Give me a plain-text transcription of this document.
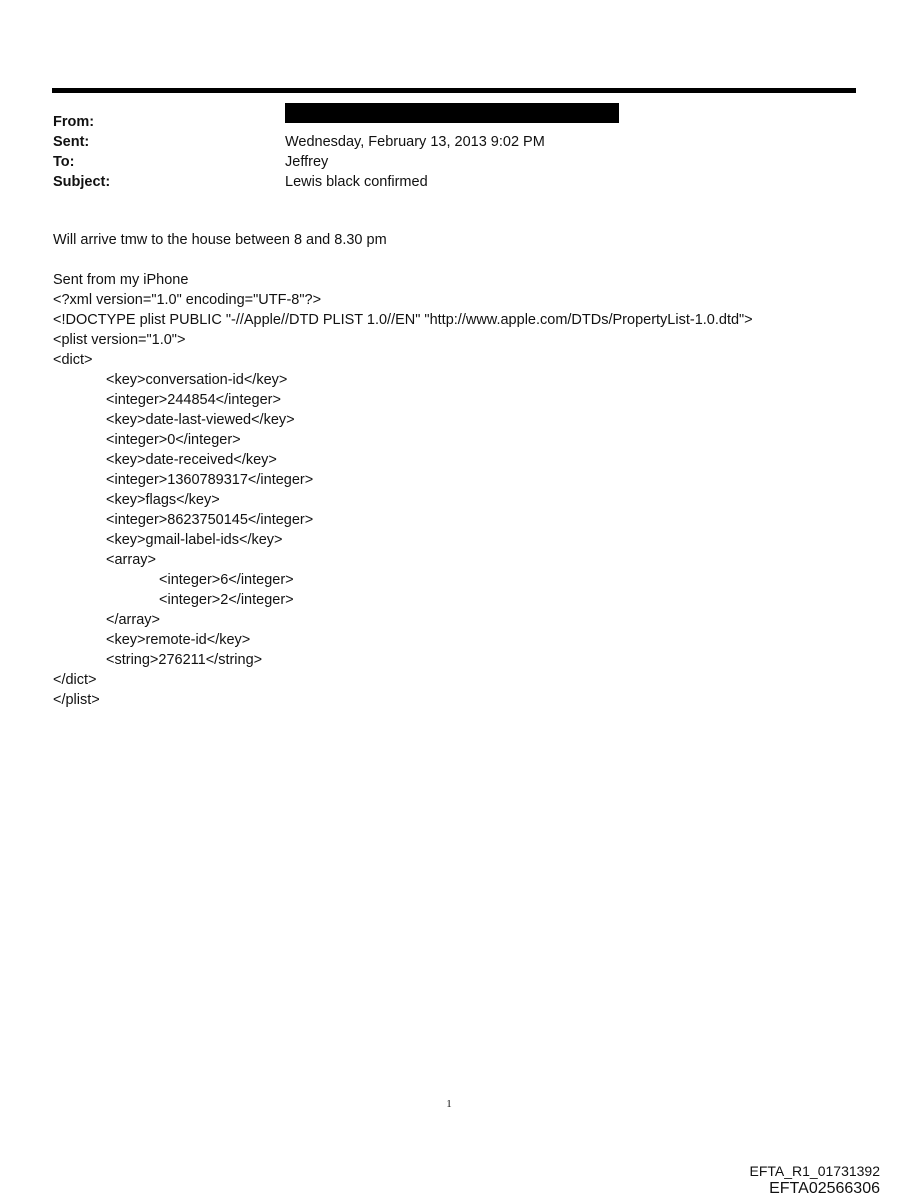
From:
Sent:	Wednesday, February 13, 2013 9:02 PM
To:	Jeffrey
Subject:	Lewis black confirmed
Will arrive tmw to the house between 8 and 8.30 pm
Sent from my iPhone
<?xml version="1.0" encoding="UTF-8"?>
<!DOCTYPE plist PUBLIC "-//Apple//DTD PLIST 1.0//EN" "http://www.apple.com/DTDs/PropertyList-1.0.dtd">
<plist version="1.0">
<dict>
<key>conversation-id</key>
<integer>244854</integer>
<key>date-last-viewed</key>
<integer>0</integer>
<key>date-received</key>
<integer>1360789317</integer>
<key>flags</key>
<integer>8623750145</integer>
<key>gmail-label-ids</key>
<array>
<integer>6</integer>
<integer>2</integer>
</array>
<key>remote-id</key>
<string>276211</string>
</dict>
</plist>
1
EFTA_R1_01731392
EFTA02566306
